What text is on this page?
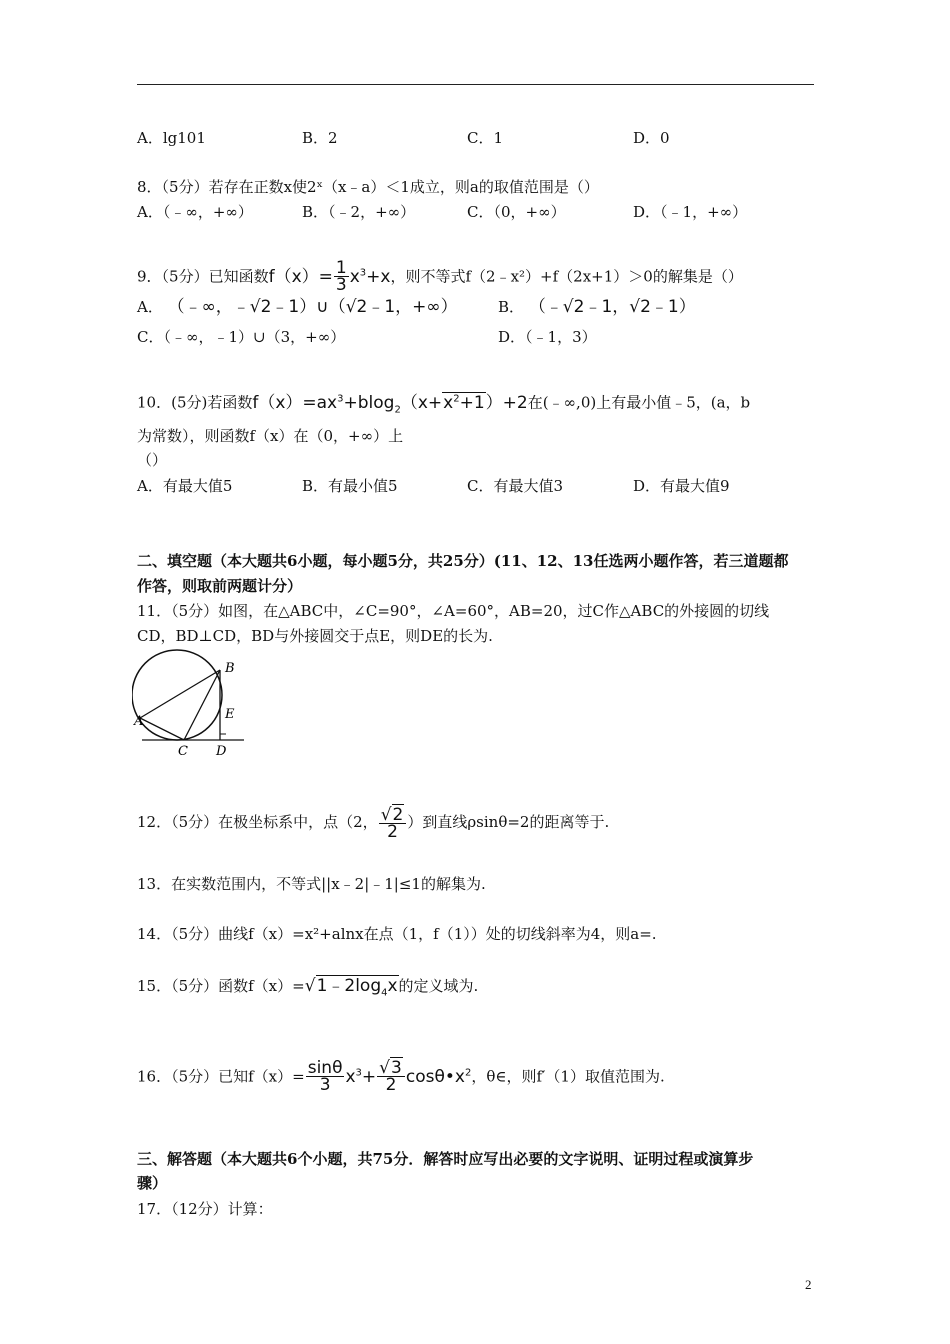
A．lg101	B．2	C．1	D．0
8．（5分）若存在正数x使2ˣ（x﹣a）＜1成立，则a的取值范围是（）
A．（﹣∞，+∞）	B．（﹣2，+∞）	C．（0，+∞）	D．（﹣1，+∞）
9．（5分）已知函数$f(x)= \frac{1}{3} x^3+x$，则不等式f（2﹣x²）+f（2x+1）＞0的解集是（）
A． （﹣∞，﹣√2﹣1）∪（√2﹣1，+∞）	B． （﹣√2﹣1，√2﹣1）
C．（﹣∞，﹣1）∪（3，+∞）	D．（﹣1，3）
10．(5分)若函数$f(x)=ax^3+blog_2(x+x^2+1)+2$在(﹣∞,0)上有最小值﹣5，(a，b
为常数），则函数f（x）在（0，+∞）上
（）
A．有最大值5	B．有最小值5	C．有最大值3	D．有最大值9
二、填空题（本大题共6小题，每小题5分，共25分）(11、12、13任选两小题作答，若三道题都
作答，则取前两题计分）
11．（5分）如图，在△ABC中，∠C=90°，∠A=60°，AB=20，过C作△ABC的外接圆的切线
CD，BD⊥CD，BD与外接圆交于点E，则DE的长为.
A
B
C D
E
12．（5分）在极坐标系中，点（2， $\frac{√2}{2}$ ）到直线ρsinθ=2的距离等于.
13．在实数范围内，不等式||x﹣2|﹣1|≤1的解集为.
14．（5分）曲线f（x）=x²+alnx在点（1，f（1））处的切线斜率为4，则a=.
15．（5分）函数$f(x)=√1﹣2\log_4x$的定义域为.
16．（5分）已知$f(x)= \frac{\sin\theta}{3} x^3+ \frac{√3}{2}$ $\cos\theta•x^2$，θ∈，则f′（1）取值范围为.
三、解答题（本大题共6个小题，共75分．解答时应写出必要的文字说明、证明过程或演算步
骤）
17．（12分）计算：
2
